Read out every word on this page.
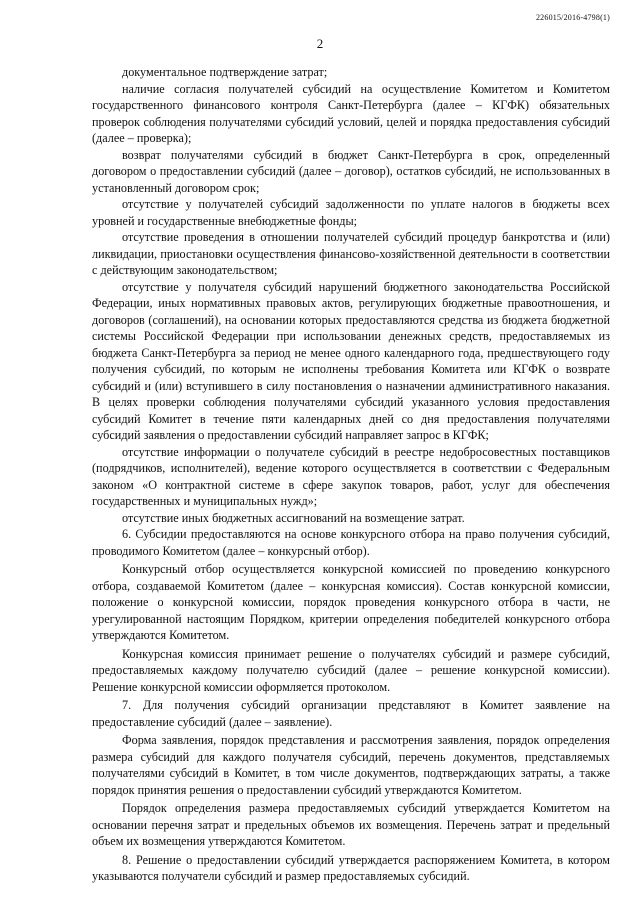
226015/2016-4798(1)
2

документальное подтверждение затрат;

наличие согласия получателей субсидий на осуществление Комитетом и Комитетом государственного финансового контроля Санкт-Петербурга (далее – КГФК) обязательных проверок соблюдения получателями субсидий условий, целей и порядка предоставления субсидий (далее – проверка);

возврат получателями субсидий в бюджет Санкт-Петербурга в срок, определенный договором о предоставлении субсидий (далее – договор), остатков субсидий, не использованных в установленный договором срок;

отсутствие у получателей субсидий задолженности по уплате налогов в бюджеты всех уровней и государственные внебюджетные фонды;

отсутствие проведения в отношении получателей субсидий процедур банкротства и (или) ликвидации, приостановки осуществления финансово-хозяйственной деятельности в соответствии с действующим законодательством;

отсутствие у получателя субсидий нарушений бюджетного законодательства Российской Федерации, иных нормативных правовых актов, регулирующих бюджетные правоотношения, и договоров (соглашений), на основании которых предоставляются средства из бюджета бюджетной системы Российской Федерации при использовании денежных средств, предоставляемых из бюджета Санкт-Петербурга за период не менее одного календарного года, предшествующего году получения субсидий, по которым не исполнены требования Комитета или КГФК о возврате субсидий и (или) вступившего в силу постановления о назначении административного наказания. В целях проверки соблюдения получателями субсидий указанного условия предоставления субсидий Комитет в течение пяти календарных дней со дня предоставления получателями субсидий заявления о предоставлении субсидий направляет запрос в КГФК;

отсутствие информации о получателе субсидий в реестре недобросовестных поставщиков (подрядчиков, исполнителей), ведение которого осуществляется в соответствии с Федеральным законом «О контрактной системе в сфере закупок товаров, работ, услуг для обеспечения государственных и муниципальных нужд»;

отсутствие иных бюджетных ассигнований на возмещение затрат.

6. Субсидии предоставляются на основе конкурсного отбора на право получения субсидий, проводимого Комитетом (далее – конкурсный отбор).

Конкурсный отбор осуществляется конкурсной комиссией по проведению конкурсного отбора, создаваемой Комитетом (далее – конкурсная комиссия). Состав конкурсной комиссии, положение о конкурсной комиссии, порядок проведения конкурсного отбора в части, не урегулированной настоящим Порядком, критерии определения победителей конкурсного отбора утверждаются Комитетом.

Конкурсная комиссия принимает решение о получателях субсидий и размере субсидий, предоставляемых каждому получателю субсидий (далее – решение конкурсной комиссии). Решение конкурсной комиссии оформляется протоколом.

7. Для получения субсидий организации представляют в Комитет заявление на предоставление субсидий (далее – заявление).

Форма заявления, порядок представления и рассмотрения заявления, порядок определения размера субсидий для каждого получателя субсидий, перечень документов, представляемых получателями субсидий в Комитет, в том числе документов, подтверждающих затраты, а также порядок принятия решения о предоставлении субсидий утверждаются Комитетом.

Порядок определения размера предоставляемых субсидий утверждается Комитетом на основании перечня затрат и предельных объемов их возмещения. Перечень затрат и предельный объем их возмещения утверждаются Комитетом.

8. Решение о предоставлении субсидий утверждается распоряжением Комитета, в котором указываются получатели субсидий и размер предоставляемых субсидий.
